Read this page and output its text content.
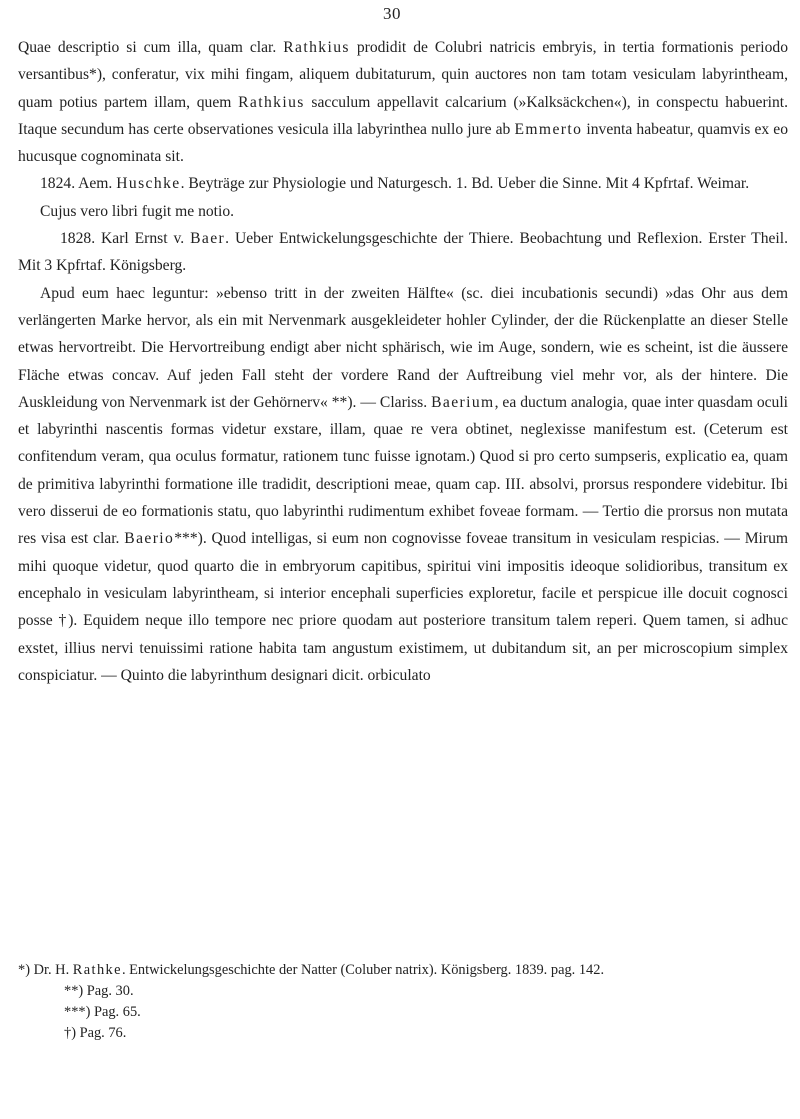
30

Quae descriptio si cum illa, quam clar. Rathkius prodidit de Colubri natricis embryis, in tertia formationis periodo versantibus*), conferatur, vix mihi fingam, aliquem dubitaturum, quin auctores non tam totam vesiculam labyrintheam, quam potius partem illam, quem Rathkius sacculum appellavit calcarium (»Kalksäckchen«), in conspectu habuerint. Itaque secundum has certe observationes vesicula illa labyrinthea nullo jure ab Emmerto inventa habeatur, quamvis ex eo hucusque cognominata sit.

1824. Aem. Huschke. Beyträge zur Physiologie und Naturgesch. 1. Bd. Ueber die Sinne. Mit 4 Kpfrtaf. Weimar.

Cujus vero libri fugit me notio.

1828. Karl Ernst v. Baer. Ueber Entwickelungsgeschichte der Thiere. Beobachtung und Reflexion. Erster Theil. Mit 3 Kpfrtaf. Königsberg.

Apud eum haec leguntur: »ebenso tritt in der zweiten Hälfte« (sc. diei incubationis secundi) »das Ohr aus dem verlängerten Marke hervor, als ein mit Nervenmark ausgekleideter hohler Cylinder, der die Rückenplatte an dieser Stelle etwas hervortreibt. Die Hervortreibung endigt aber nicht sphärisch, wie im Auge, sondern, wie es scheint, ist die äussere Fläche etwas concav. Auf jeden Fall steht der vordere Rand der Auftreibung viel mehr vor, als der hintere. Die Auskleidung von Nervenmark ist der Gehörnerv« **). — Clariss. Baerium, ea ductum analogia, quae inter quasdam oculi et labyrinthi nascentis formas videtur exstare, illam, quae re vera obtinet, neglexisse manifestum est. (Ceterum est confitendum veram, qua oculus formatur, rationem tunc fuisse ignotam.) Quod si pro certo sumpseris, explicatio ea, quam de primitiva labyrinthi formatione ille tradidit, descriptioni meae, quam cap. III. absolvi, prorsus respondere videbitur. Ibi vero disserui de eo formationis statu, quo labyrinthi rudimentum exhibet foveae formam. — Tertio die prorsus non mutata res visa est clar. Baerio***). Quod intelligas, si eum non cognovisse foveae transitum in vesiculam respicias. — Mirum mihi quoque videtur, quod quarto die in embryorum capitibus, spiritui vini impositis ideoque solidioribus, transitum ex encephalo in vesiculam labyrintheam, si interior encephali superficies exploretur, facile et perspicue ille docuit cognosci posse †). Equidem neque illo tempore nec priore quodam aut posteriore transitum talem reperi. Quem tamen, si adhuc exstet, illius nervi tenuissimi ratione habita tam angustum existimem, ut dubitandum sit, an per microscopium simplex conspiciatur. — Quinto die labyrinthum designari dicit. orbiculato

*) Dr. H. Rathke. Entwickelungsgeschichte der Natter (Coluber natrix). Königsberg. 1839. pag. 142.

**) Pag. 30.

***) Pag. 65.

†) Pag. 76.
